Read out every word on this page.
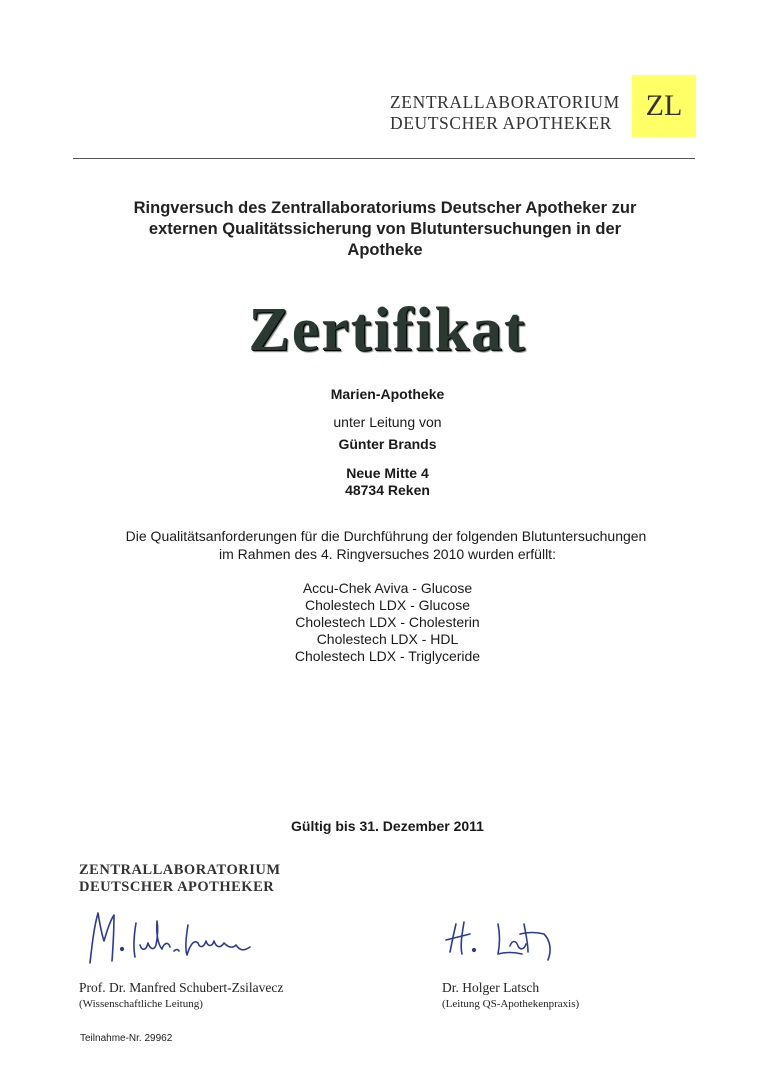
ZENTRALLABORATORIUM
DEUTSCHER APOTHEKER
ZL
Ringversuch des Zentrallaboratoriums Deutscher Apotheker zur
externen Qualitätssicherung von Blutuntersuchungen in der
Apotheke
Zertifikat
Marien-Apotheke
unter Leitung von
Günter Brands
Neue Mitte 4
48734 Reken
Die Qualitätsanforderungen für die Durchführung der folgenden Blutuntersuchungen
im Rahmen des 4. Ringversuches 2010 wurden erfüllt:
Accu-Chek Aviva - Glucose
Cholestech LDX - Glucose
Cholestech LDX - Cholesterin
Cholestech LDX - HDL
Cholestech LDX - Triglyceride
Gültig bis 31. Dezember 2011
ZENTRALLABORATORIUM
DEUTSCHER APOTHEKER
Prof. Dr. Manfred Schubert-Zsilavecz
(Wissenschaftliche Leitung)
Dr. Holger Latsch
(Leitung QS-Apothekenpraxis)
Teilnahme-Nr. 29962
